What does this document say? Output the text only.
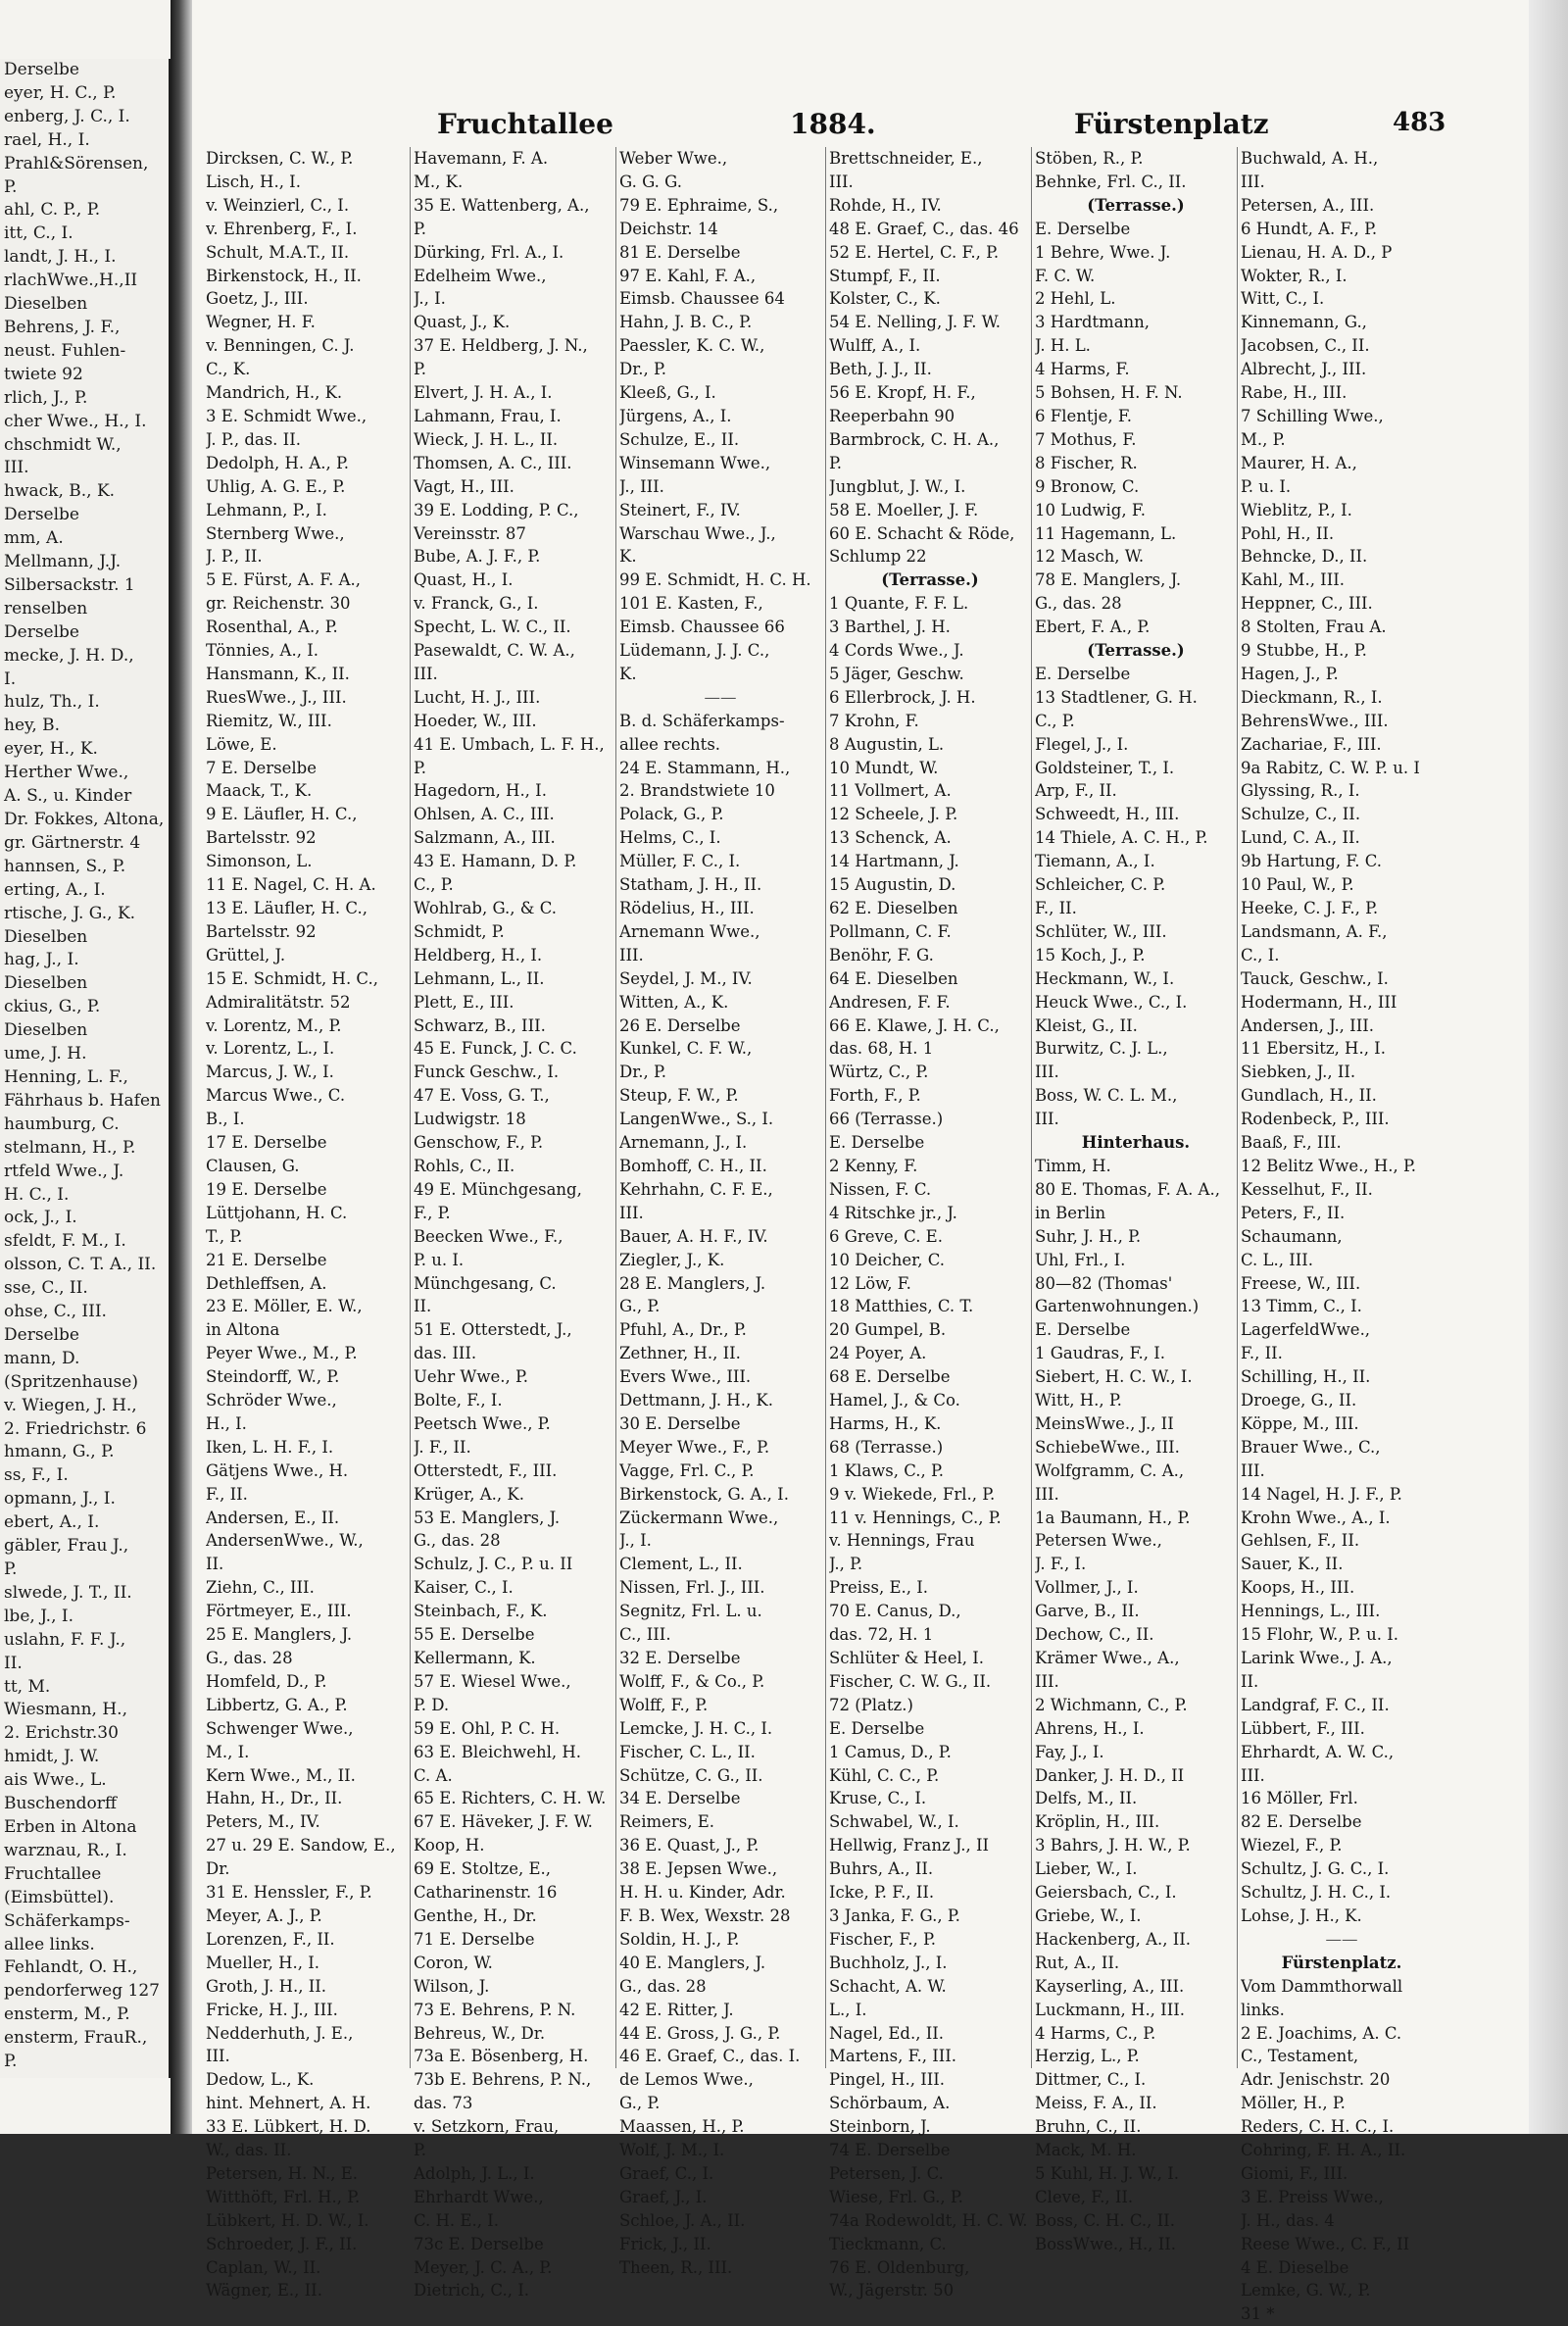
Derselbe
eyer, H. C., P.
enberg, J. C., I.
rael, H., I.
Prahl&Sörensen,
P.
ahl, C. P., P.
itt, C., I.
landt, J. H., I.
rlachWwe.,H.,II
Dieselben
Behrens, J. F.,
neust. Fuhlen-
twiete 92
rlich, J., P.
cher Wwe., H., I.
chschmidt W.,
III.
hwack, B., K.
Derselbe
mm, A.
Mellmann, J.J.
Silbersackstr. 1
renselben
Derselbe
mecke, J. H. D.,
I.
hulz, Th., I.
hey, B.
eyer, H., K.
Herther Wwe.,
A. S., u. Kinder
Dr. Fokkes, Altona,
gr. Gärtnerstr. 4
hannsen, S., P.
erting, A., I.
rtische, J. G., K.
Dieselben
hag, J., I.
Dieselben
ckius, G., P.
Dieselben
ume, J. H.
Henning, L. F.,
Fährhaus b. Hafen
haumburg, C.
stelmann, H., P.
rtfeld Wwe., J.
H. C., I.
ock, J., I.
sfeldt, F. M., I.
olsson, C. T. A., II.
sse, C., II.
ohse, C., III.
Derselbe
mann, D.
(Spritzenhause)
v. Wiegen, J. H.,
2. Friedrichstr. 6
hmann, G., P.
ss, F., I.
opmann, J., I.
ebert, A., I.
gäbler, Frau J.,
P.
slwede, J. T., II.
lbe, J., I.
uslahn, F. F. J.,
II.
tt, M.
Wiesmann, H.,
2. Erichstr.30
hmidt, J. W.
ais Wwe., L.
Buschendorff
Erben in Altona
warznau, R., I.
Fruchtallee
(Eimsbüttel).
Schäferkamps-
allee links.
Fehlandt, O. H.,
pendorferweg 127
ensterm, M., P.
ensterm, FrauR.,
P.
Fruchtallee	1884.	Fürstenplatz	483
Dircksen, C. W., P.
Lisch, H., I.
v. Weinzierl, C., I.
v. Ehrenberg, F., I.
Schult, M.A.T., II.
Birkenstock, H., II.
Goetz, J., III.
Wegner, H. F.
v. Benningen, C. J.
C., K.
Mandrich, H., K.
3 E. Schmidt Wwe.,
J. P., das. II.
Dedolph, H. A., P.
Uhlig, A. G. E., P.
Lehmann, P., I.
Sternberg Wwe.,
J. P., II.
5 E. Fürst, A. F. A.,
gr. Reichenstr. 30
Rosenthal, A., P.
Tönnies, A., I.
Hansmann, K., II.
RuesWwe., J., III.
Riemitz, W., III.
Löwe, E.
7 E. Derselbe
Maack, T., K.
9 E. Läufler, H. C.,
Bartelsstr. 92
Simonson, L.
11 E. Nagel, C. H. A.
13 E. Läufler, H. C.,
Bartelsstr. 92
Grüttel, J.
15 E. Schmidt, H. C.,
Admiralitätstr. 52
v. Lorentz, M., P.
v. Lorentz, L., I.
Marcus, J. W., I.
Marcus Wwe., C.
B., I.
17 E. Derselbe
Clausen, G.
19 E. Derselbe
Lüttjohann, H. C.
T., P.
21 E. Derselbe
Dethleffsen, A.
23 E. Möller, E. W.,
in Altona
Peyer Wwe., M., P.
Steindorff, W., P.
Schröder Wwe.,
H., I.
Iken, L. H. F., I.
Gätjens Wwe., H.
F., II.
Andersen, E., II.
AndersenWwe., W.,
II.
Ziehn, C., III.
Förtmeyer, E., III.
25 E. Manglers, J.
G., das. 28
Homfeld, D., P.
Libbertz, G. A., P.
Schwenger Wwe.,
M., I.
Kern Wwe., M., II.
Hahn, H., Dr., II.
Peters, M., IV.
27 u. 29 E. Sandow, E.,
Dr.
31 E. Henssler, F., P.
Meyer, A. J., P.
Lorenzen, F., II.
Mueller, H., I.
Groth, J. H., II.
Fricke, H. J., III.
Nedderhuth, J. E.,
III.
Dedow, L., K.
hint. Mehnert, A. H.
33 E. Lübkert, H. D.
W., das. II.
Petersen, H. N., E.
Witthöft, Frl. H., P.
Lübkert, H. D. W., I.
Schroeder, J. F., II.
Caplan, W., II.
Wägner, E., II.
Havemann, F. A.
M., K.
35 E. Wattenberg, A.,
P.
Dürking, Frl. A., I.
Edelheim Wwe.,
J., I.
Quast, J., K.
37 E. Heldberg, J. N.,
P.
Elvert, J. H. A., I.
Lahmann, Frau, I.
Wieck, J. H. L., II.
Thomsen, A. C., III.
Vagt, H., III.
39 E. Lodding, P. C.,
Vereinsstr. 87
Bube, A. J. F., P.
Quast, H., I.
v. Franck, G., I.
Specht, L. W. C., II.
Pasewaldt, C. W. A.,
III.
Lucht, H. J., III.
Hoeder, W., III.
41 E. Umbach, L. F. H.,
P.
Hagedorn, H., I.
Ohlsen, A. C., III.
Salzmann, A., III.
43 E. Hamann, D. P.
C., P.
Wohlrab, G., & C.
Schmidt, P.
Heldberg, H., I.
Lehmann, L., II.
Plett, E., III.
Schwarz, B., III.
45 E. Funck, J. C. C.
Funck Geschw., I.
47 E. Voss, G. T.,
Ludwigstr. 18
Genschow, F., P.
Rohls, C., II.
49 E. Münchgesang,
F., P.
Beecken Wwe., F.,
P. u. I.
Münchgesang, C.
II.
51 E. Otterstedt, J.,
das. III.
Uehr Wwe., P.
Bolte, F., I.
Peetsch Wwe., P.
J. F., II.
Otterstedt, F., III.
Krüger, A., K.
53 E. Manglers, J.
G., das. 28
Schulz, J. C., P. u. II
Kaiser, C., I.
Steinbach, F., K.
55 E. Derselbe
Kellermann, K.
57 E. Wiesel Wwe.,
P. D.
59 E. Ohl, P. C. H.
63 E. Bleichwehl, H.
C. A.
65 E. Richters, C. H. W.
67 E. Häveker, J. F. W.
Koop, H.
69 E. Stoltze, E.,
Catharinenstr. 16
Genthe, H., Dr.
71 E. Derselbe
Coron, W.
Wilson, J.
73 E. Behrens, P. N.
Behreus, W., Dr.
73a E. Bösenberg, H.
73b E. Behrens, P. N.,
das. 73
v. Setzkorn, Frau,
P.
Adolph, J. L., I.
Ehrhardt Wwe.,
C. H. E., I.
73c E. Derselbe
Meyer, J. C. A., P.
Dietrich, C., I.
Weber Wwe.,
G. G. G.
79 E. Ephraime, S.,
Deichstr. 14
81 E. Derselbe
97 E. Kahl, F. A.,
Eimsb. Chaussee 64
Hahn, J. B. C., P.
Paessler, K. C. W.,
Dr., P.
Kleeß, G., I.
Jürgens, A., I.
Schulze, E., II.
Winsemann Wwe.,
J., III.
Steinert, F., IV.
Warschau Wwe., J.,
K.
99 E. Schmidt, H. C. H.
101 E. Kasten, F.,
Eimsb. Chaussee 66
Lüdemann, J. J. C.,
K.
——
B. d. Schäferkamps-
allee rechts.
24 E. Stammann, H.,
2. Brandstwiete 10
Polack, G., P.
Helms, C., I.
Müller, F. C., I.
Statham, J. H., II.
Rödelius, H., III.
Arnemann Wwe.,
III.
Seydel, J. M., IV.
Witten, A., K.
26 E. Derselbe
Kunkel, C. F. W.,
Dr., P.
Steup, F. W., P.
LangenWwe., S., I.
Arnemann, J., I.
Bomhoff, C. H., II.
Kehrhahn, C. F. E.,
III.
Bauer, A. H. F., IV.
Ziegler, J., K.
28 E. Manglers, J.
G., P.
Pfuhl, A., Dr., P.
Zethner, H., II.
Evers Wwe., III.
Dettmann, J. H., K.
30 E. Derselbe
Meyer Wwe., F., P.
Vagge, Frl. C., P.
Birkenstock, G. A., I.
Zückermann Wwe.,
J., I.
Clement, L., II.
Nissen, Frl. J., III.
Segnitz, Frl. L. u.
C., III.
32 E. Derselbe
Wolff, F., & Co., P.
Wolff, F., P.
Lemcke, J. H. C., I.
Fischer, C. L., II.
Schütze, C. G., II.
34 E. Derselbe
Reimers, E.
36 E. Quast, J., P.
38 E. Jepsen Wwe.,
H. H. u. Kinder, Adr.
F. B. Wex, Wexstr. 28
Soldin, H. J., P.
40 E. Manglers, J.
G., das. 28
42 E. Ritter, J.
44 E. Gross, J. G., P.
46 E. Graef, C., das. I.
de Lemos Wwe.,
G., P.
Maassen, H., P.
Wolf, J. M., I.
Graef, C., I.
Graef, J., I.
Schloe, J. A., II.
Frick, J., II.
Theen, R., III.
Brettschneider, E.,
III.
Rohde, H., IV.
48 E. Graef, C., das. 46
52 E. Hertel, C. F., P.
Stumpf, F., II.
Kolster, C., K.
54 E. Nelling, J. F. W.
Wulff, A., I.
Beth, J. J., II.
56 E. Kropf, H. F.,
Reeperbahn 90
Barmbrock, C. H. A.,
P.
Jungblut, J. W., I.
58 E. Moeller, J. F.
60 E. Schacht & Röde,
Schlump 22
(Terrasse.)
1 Quante, F. F. L.
3 Barthel, J. H.
4 Cords Wwe., J.
5 Jäger, Geschw.
6 Ellerbrock, J. H.
7 Krohn, F.
8 Augustin, L.
10 Mundt, W.
11 Vollmert, A.
12 Scheele, J. P.
13 Schenck, A.
14 Hartmann, J.
15 Augustin, D.
62 E. Dieselben
Pollmann, C. F.
Benöhr, F. G.
64 E. Dieselben
Andresen, F. F.
66 E. Klawe, J. H. C.,
das. 68, H. 1
Würtz, C., P.
Forth, F., P.
66 (Terrasse.)
E. Derselbe
2 Kenny, F.
Nissen, F. C.
4 Ritschke jr., J.
6 Greve, C. E.
10 Deicher, C.
12 Löw, F.
18 Matthies, C. T.
20 Gumpel, B.
24 Poyer, A.
68 E. Derselbe
Hamel, J., & Co.
Harms, H., K.
68 (Terrasse.)
1 Klaws, C., P.
9 v. Wiekede, Frl., P.
11 v. Hennings, C., P.
v. Hennings, Frau
J., P.
Preiss, E., I.
70 E. Canus, D.,
das. 72, H. 1
Schlüter & Heel, I.
Fischer, C. W. G., II.
72 (Platz.)
E. Derselbe
1 Camus, D., P.
Kühl, C. C., P.
Kruse, C., I.
Schwabel, W., I.
Hellwig, Franz J., II
Buhrs, A., II.
Icke, P. F., II.
3 Janka, F. G., P.
Fischer, F., P.
Buchholz, J., I.
Schacht, A. W.
L., I.
Nagel, Ed., II.
Martens, F., III.
Pingel, H., III.
Schörbaum, A.
Steinborn, J.
74 E. Derselbe
Petersen, J. C.
Wiese, Frl. G., P.
74a Rodewoldt, H. C. W.
Tieckmann, C.
76 E. Oldenburg,
W., Jägerstr. 50
Stöben, R., P.
Behnke, Frl. C., II.
(Terrasse.)
E. Derselbe
1 Behre, Wwe. J.
F. C. W.
2 Hehl, L.
3 Hardtmann,
J. H. L.
4 Harms, F.
5 Bohsen, H. F. N.
6 Flentje, F.
7 Mothus, F.
8 Fischer, R.
9 Bronow, C.
10 Ludwig, F.
11 Hagemann, L.
12 Masch, W.
78 E. Manglers, J.
G., das. 28
Ebert, F. A., P.
(Terrasse.)
E. Derselbe
13 Stadtlener, G. H.
C., P.
Flegel, J., I.
Goldsteiner, T., I.
Arp, F., II.
Schweedt, H., III.
14 Thiele, A. C. H., P.
Tiemann, A., I.
Schleicher, C. P.
F., II.
Schlüter, W., III.
15 Koch, J., P.
Heckmann, W., I.
Heuck Wwe., C., I.
Kleist, G., II.
Burwitz, C. J. L.,
III.
Boss, W. C. L. M.,
III.
Hinterhaus.
Timm, H.
80 E. Thomas, F. A. A.,
in Berlin
Suhr, J. H., P.
Uhl, Frl., I.
80—82 (Thomas'
Gartenwohnungen.)
E. Derselbe
1 Gaudras, F., I.
Siebert, H. C. W., I.
Witt, H., P.
MeinsWwe., J., II
SchiebeWwe., III.
Wolfgramm, C. A.,
III.
1a Baumann, H., P.
Petersen Wwe.,
J. F., I.
Vollmer, J., I.
Garve, B., II.
Dechow, C., II.
Krämer Wwe., A.,
III.
2 Wichmann, C., P.
Ahrens, H., I.
Fay, J., I.
Danker, J. H. D., II
Delfs, M., II.
Kröplin, H., III.
3 Bahrs, J. H. W., P.
Lieber, W., I.
Geiersbach, C., I.
Griebe, W., I.
Hackenberg, A., II.
Rut, A., II.
Kayserling, A., III.
Luckmann, H., III.
4 Harms, C., P.
Herzig, L., P.
Dittmer, C., I.
Meiss, F. A., II.
Bruhn, C., II.
Mack, M. H.
5 Kuhl, H. J. W., I.
Cleve, F., II.
Boss, C. H. C., II.
BossWwe., H., II.
Buchwald, A. H.,
III.
Petersen, A., III.
6 Hundt, A. F., P.
Lienau, H. A. D., P
Wokter, R., I.
Witt, C., I.
Kinnemann, G.,
Jacobsen, C., II.
Albrecht, J., III.
Rabe, H., III.
7 Schilling Wwe.,
M., P.
Maurer, H. A.,
P. u. I.
Wieblitz, P., I.
Pohl, H., II.
Behncke, D., II.
Kahl, M., III.
Heppner, C., III.
8 Stolten, Frau A.
9 Stubbe, H., P.
Hagen, J., P.
Dieckmann, R., I.
BehrensWwe., III.
Zachariae, F., III.
9a Rabitz, C. W. P. u. I
Glyssing, R., I.
Schulze, C., II.
Lund, C. A., II.
9b Hartung, F. C.
10 Paul, W., P.
Heeke, C. J. F., P.
Landsmann, A. F.,
C., I.
Tauck, Geschw., I.
Hodermann, H., III
Andersen, J., III.
11 Ebersitz, H., I.
Siebken, J., II.
Gundlach, H., II.
Rodenbeck, P., III.
Baaß, F., III.
12 Belitz Wwe., H., P.
Kesselhut, F., II.
Peters, F., II.
Schaumann,
C. L., III.
Freese, W., III.
13 Timm, C., I.
LagerfeldWwe.,
F., II.
Schilling, H., II.
Droege, G., II.
Köppe, M., III.
Brauer Wwe., C.,
III.
14 Nagel, H. J. F., P.
Krohn Wwe., A., I.
Gehlsen, F., II.
Sauer, K., II.
Koops, H., III.
Hennings, L., III.
15 Flohr, W., P. u. I.
Larink Wwe., J. A.,
II.
Landgraf, F. C., II.
Lübbert, F., III.
Ehrhardt, A. W. C.,
III.
16 Möller, Frl.
82 E. Derselbe
Wiezel, F., P.
Schultz, J. G. C., I.
Schultz, J. H. C., I.
Lohse, J. H., K.
——
Fürstenplatz.
Vom Dammthorwall
links.
2 E. Joachims, A. C.
C., Testament,
Adr. Jenischstr. 20
Möller, H., P.
Reders, C. H. C., I.
Cohring, F. H. A., II.
Giomi, F., III.
3 E. Preiss Wwe.,
J. H., das. 4
Reese Wwe., C. F., II
4 E. Dieselbe
Lemke, G. W., P.
31 *
